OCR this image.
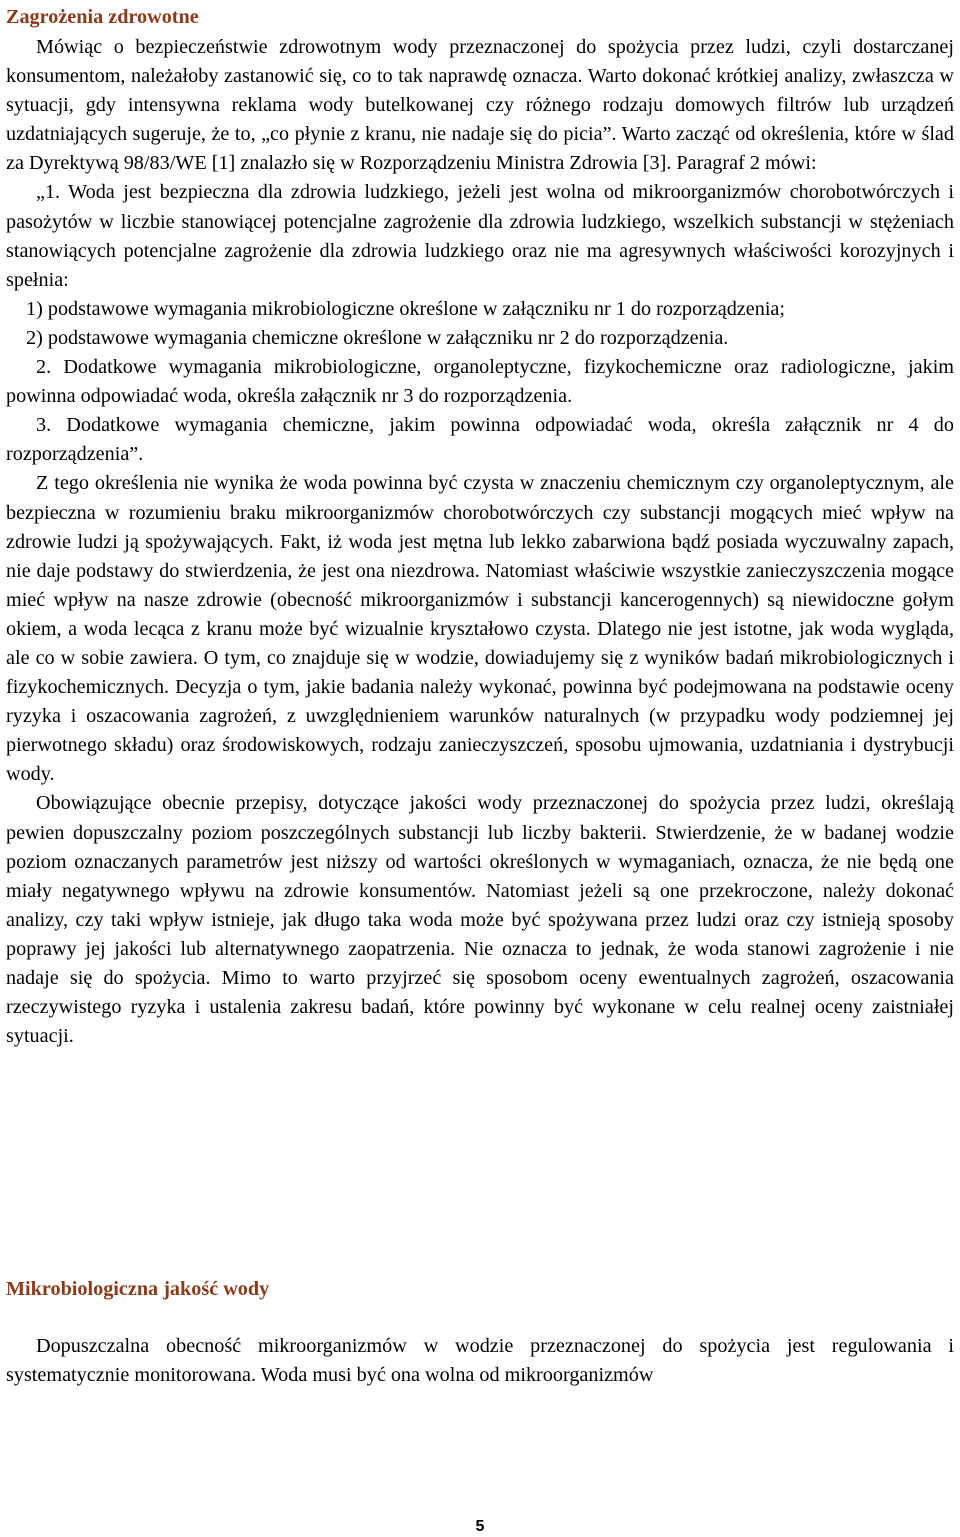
Zagrożenia zdrowotne

Mówiąc o bezpieczeństwie zdrowotnym wody przeznaczonej do spożycia przez ludzi, czyli dostarczanej konsumentom, należałoby zastanowić się, co to tak naprawdę oznacza. Warto dokonać krótkiej analizy, zwłaszcza w sytuacji, gdy intensywna reklama wody butelkowanej czy różnego rodzaju domowych filtrów lub urządzeń uzdatniających sugeruje, że to, „co płynie z kranu, nie nadaje się do picia”. Warto zacząć od określenia, które w ślad za Dyrektywą 98/83/WE [1] znalazło się w Rozporządzeniu Ministra Zdrowia [3]. Paragraf 2 mówi:

„1. Woda jest bezpieczna dla zdrowia ludzkiego, jeżeli jest wolna od mikroorganizmów chorobotwórczych i pasożytów w liczbie stanowiącej potencjalne zagrożenie dla zdrowia ludzkiego, wszelkich substancji w stężeniach stanowiących potencjalne zagrożenie dla zdrowia ludzkiego oraz nie ma agresywnych właściwości korozyjnych i spełnia:

1) podstawowe wymagania mikrobiologiczne określone w załączniku nr 1 do rozporządzenia;

2) podstawowe wymagania chemiczne określone w załączniku nr 2 do rozporządzenia.

2. Dodatkowe wymagania mikrobiologiczne, organoleptyczne, fizykochemiczne oraz radiologiczne, jakim powinna odpowiadać woda, określa załącznik nr 3 do rozporządzenia.

3. Dodatkowe wymagania chemiczne, jakim powinna odpowiadać woda, określa załącznik nr 4 do rozporządzenia”.

Z tego określenia nie wynika że woda powinna być czysta w znaczeniu chemicznym czy organoleptycznym, ale bezpieczna w rozumieniu braku mikroorganizmów chorobotwórczych czy substancji mogących mieć wpływ na zdrowie ludzi ją spożywających. Fakt, iż woda jest mętna lub lekko zabarwiona bądź posiada wyczuwalny zapach, nie daje podstawy do stwierdzenia, że jest ona niezdrowa. Natomiast właściwie wszystkie zanieczyszczenia mogące mieć wpływ na nasze zdrowie (obecność mikroorganizmów i substancji kancerogennych) są niewidoczne gołym okiem, a woda lecąca z kranu może być wizualnie kryształowo czysta. Dlatego nie jest istotne, jak woda wygląda, ale co w sobie zawiera. O tym, co znajduje się w wodzie, dowiadujemy się z wyników badań mikrobiologicznych i fizykochemicznych. Decyzja o tym, jakie badania należy wykonać, powinna być podejmowana na podstawie oceny ryzyka i oszacowania zagrożeń, z uwzględnieniem warunków naturalnych (w przypadku wody podziemnej jej pierwotnego składu) oraz środowiskowych, rodzaju zanieczyszczeń, sposobu ujmowania, uzdatniania i dystrybucji wody.

Obowiązujące obecnie przepisy, dotyczące jakości wody przeznaczonej do spożycia przez ludzi, określają pewien dopuszczalny poziom poszczególnych substancji lub liczby bakterii. Stwierdzenie, że w badanej wodzie poziom oznaczanych parametrów jest niższy od wartości określonych w wymaganiach, oznacza, że nie będą one miały negatywnego wpływu na zdrowie konsumentów. Natomiast jeżeli są one przekroczone, należy dokonać analizy, czy taki wpływ istnieje, jak długo taka woda może być spożywana przez ludzi oraz czy istnieją sposoby poprawy jej jakości lub alternatywnego zaopatrzenia. Nie oznacza to jednak, że woda stanowi zagrożenie i nie nadaje się do spożycia. Mimo to warto przyjrzeć się sposobom oceny ewentualnych zagrożeń, oszacowania rzeczywistego ryzyka i ustalenia zakresu badań, które powinny być wykonane w celu realnej oceny zaistniałej sytuacji.

Mikrobiologiczna jakość wody

Dopuszczalna obecność mikroorganizmów w wodzie przeznaczonej do spożycia jest regulowania i systematycznie monitorowana. Woda musi być ona wolna od mikroorganizmów

5
